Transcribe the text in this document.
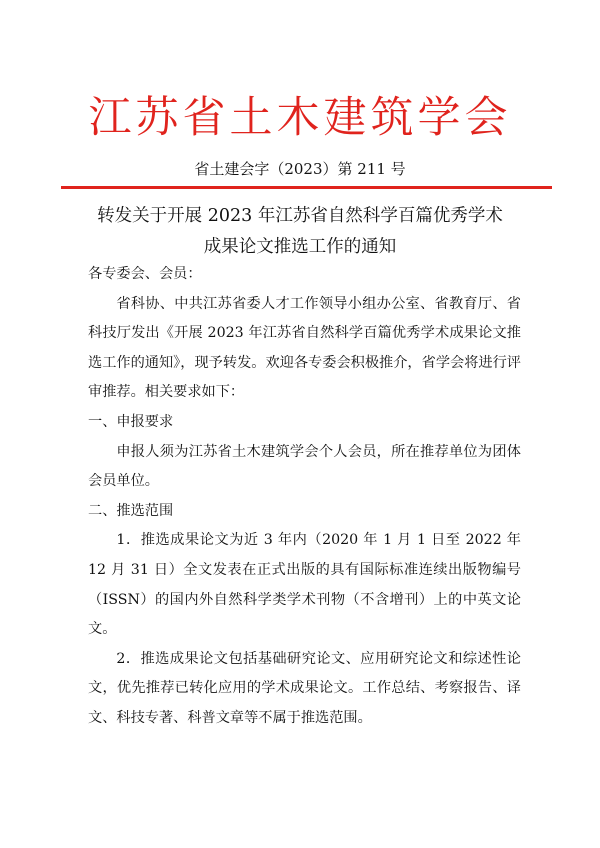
江苏省土木建筑学会
省土建会字（2023）第 211 号
转发关于开展 2023 年江苏省自然科学百篇优秀学术
成果论文推选工作的通知

各专委会、会员：

省科协、中共江苏省委人才工作领导小组办公室、省教育厅、省科技厅发出《开展 2023 年江苏省自然科学百篇优秀学术成果论文推选工作的通知》，现予转发。欢迎各专委会积极推介，省学会将进行评审推荐。相关要求如下：

一、申报要求

申报人须为江苏省土木建筑学会个人会员，所在推荐单位为团体会员单位。

二、推选范围

1．推选成果论文为近 3 年内（2020 年 1 月 1 日至 2022 年 12 月 31 日）全文发表在正式出版的具有国际标准连续出版物编号（ISSN）的国内外自然科学类学术刊物（不含增刊）上的中英文论文。

2．推选成果论文包括基础研究论文、应用研究论文和综述性论文，优先推荐已转化应用的学术成果论文。工作总结、考察报告、译文、科技专著、科普文章等不属于推选范围。
